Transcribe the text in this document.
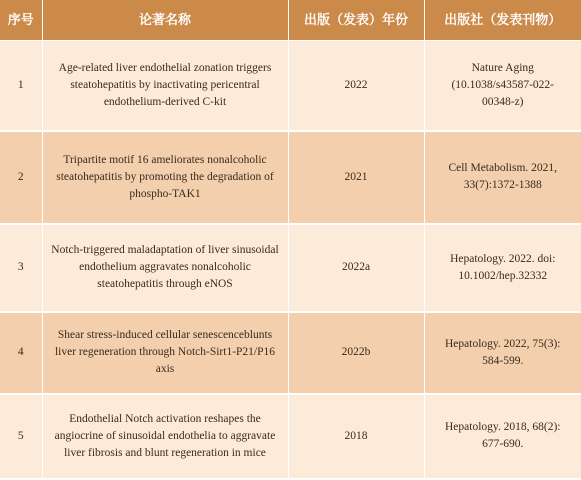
序号	论著名称	出版（发表）年份	出版社（发表刊物）
1	Age-related liver endothelial zonation triggers steatohepatitis by inactivating pericentral endothelium-derived C-kit	2022	Nature Aging (10.1038/s43587-022-00348-z)

2	Tripartite motif 16 ameliorates nonalcoholic steatohepatitis by promoting the degradation of phospho-TAK1	2021	Cell Metabolism. 2021, 33(7):1372-1388

3	Notch-triggered maladaptation of liver sinusoidal endothelium aggravates nonalcoholic steatohepatitis through eNOS	2022a	Hepatology. 2022. doi: 10.1002/hep.32332

4	Shear stress-induced cellular senescenceblunts liver regeneration through Notch-Sirt1-P21/P16 axis	2022b	Hepatology. 2022, 75(3): 584-599.

5	Endothelial Notch activation reshapes the angiocrine of sinusoidal endothelia to aggravate liver fibrosis and blunt regeneration in mice	2018	Hepatology. 2018, 68(2): 677-690.
